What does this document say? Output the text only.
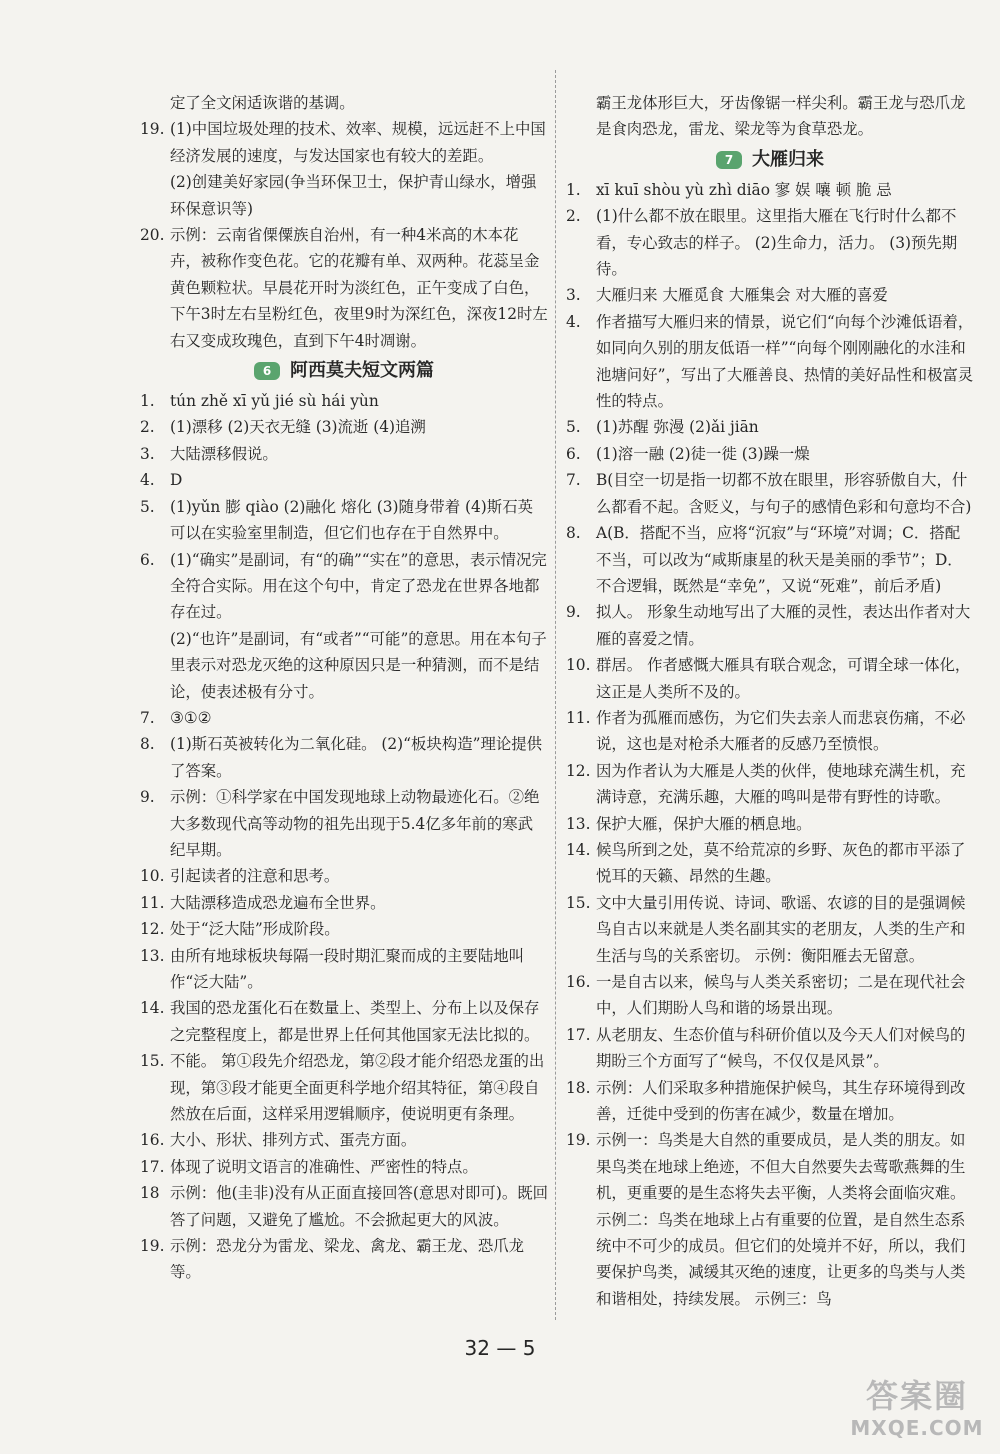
定了全文闲适诙谐的基调。
19. (1)中国垃圾处理的技术、效率、规模，远远赶不上中国经济发展的速度，与发达国家也有较大的差距。
(2)创建美好家园(争当环保卫士，保护青山绿水，增强环保意识等)
20. 示例：云南省傈僳族自治州，有一种4米高的木本花卉，被称作变色花。它的花瓣有单、双两种。花蕊呈金黄色颗粒状。早晨花开时为淡红色，正午变成了白色，下午3时左右呈粉红色，夜里9时为深红色，深夜12时左右又变成玫瑰色，直到下午4时凋谢。
6 阿西莫夫短文两篇
1. tún zhě xī yǔ jié sù hái yùn
2. (1)漂移 (2)天衣无缝 (3)流逝 (4)追溯
3. 大陆漂移假说。
4. D
5. (1)yǔn 膨 qiào (2)融化 熔化 (3)随身带着 (4)斯石英可以在实验室里制造，但它们也存在于自然界中。
6. (1)“确实”是副词，有“的确”“实在”的意思，表示情况完全符合实际。用在这个句中，肯定了恐龙在世界各地都存在过。
(2)“也许”是副词，有“或者”“可能”的意思。用在本句子里表示对恐龙灭绝的这种原因只是一种猜测，而不是结论，使表述极有分寸。
7. ③①②
8. (1)斯石英被转化为二氧化硅。 (2)“板块构造”理论提供了答案。
9. 示例：①科学家在中国发现地球上动物最迹化石。②绝大多数现代高等动物的祖先出现于5.4亿多年前的寒武纪早期。
10. 引起读者的注意和思考。
11. 大陆漂移造成恐龙遍布全世界。
12. 处于“泛大陆”形成阶段。
13. 由所有地球板块每隔一段时期汇聚而成的主要陆地叫作“泛大陆”。
14. 我国的恐龙蛋化石在数量上、类型上、分布上以及保存之完整程度上，都是世界上任何其他国家无法比拟的。
15. 不能。 第①段先介绍恐龙，第②段才能介绍恐龙蛋的出现，第③段才能更全面更科学地介绍其特征，第④段自然放在后面，这样采用逻辑顺序，使说明更有条理。
16. 大小、形状、排列方式、蛋壳方面。
17. 体现了说明文语言的准确性、严密性的特点。
18 示例：他(圭非)没有从正面直接回答(意思对即可)。既回答了问题，又避免了尴尬。不会掀起更大的风波。
19. 示例：恐龙分为雷龙、梁龙、禽龙、霸王龙、恐爪龙等。
霸王龙体形巨大，牙齿像锯一样尖利。霸王龙与恐爪龙是食肉恐龙，雷龙、梁龙等为食草恐龙。
7 大雁归来
1. xī kuī shòu yù zhì diāo 寥 娱 嚷 顿 脆 忌
2. (1)什么都不放在眼里。这里指大雁在飞行时什么都不看，专心致志的样子。 (2)生命力，活力。 (3)预先期待。
3. 大雁归来 大雁觅食 大雁集会 对大雁的喜爱
4. 作者描写大雁归来的情景，说它们“向每个沙滩低语着，如同向久别的朋友低语一样”“向每个刚刚融化的水洼和池塘问好”，写出了大雁善良、热情的美好品性和极富灵性的特点。
5. (1)苏醒 弥漫 (2)ǎi jiān
6. (1)溶一融 (2)徒一徙 (3)躁一燥
7. B(目空一切是指一切都不放在眼里，形容骄傲自大，什么都看不起。含贬义，与句子的感情色彩和句意均不合)
8. A(B．搭配不当，应将“沉寂”与“环境”对调；C．搭配不当，可以改为“咸斯康星的秋天是美丽的季节”；D．不合逻辑，既然是“幸免”，又说“死难”，前后矛盾)
9. 拟人。 形象生动地写出了大雁的灵性，表达出作者对大雁的喜爱之情。
10. 群居。 作者感慨大雁具有联合观念，可谓全球一体化，这正是人类所不及的。
11. 作者为孤雁而感伤，为它们失去亲人而悲哀伤痛，不必说，这也是对枪杀大雁者的反感乃至愤恨。
12. 因为作者认为大雁是人类的伙伴，使地球充满生机，充满诗意，充满乐趣，大雁的鸣叫是带有野性的诗歌。
13. 保护大雁，保护大雁的栖息地。
14. 候鸟所到之处，莫不给荒凉的乡野、灰色的都市平添了悦耳的天籁、昂然的生趣。
15. 文中大量引用传说、诗词、歌谣、农谚的目的是强调候鸟自古以来就是人类名副其实的老朋友，人类的生产和生活与鸟的关系密切。 示例：衡阳雁去无留意。
16. 一是自古以来，候鸟与人类关系密切；二是在现代社会中，人们期盼人鸟和谐的场景出现。
17. 从老朋友、生态价值与科研价值以及今天人们对候鸟的期盼三个方面写了“候鸟，不仅仅是风景”。
18. 示例：人们采取多种措施保护候鸟，其生存环境得到改善，迁徙中受到的伤害在减少，数量在增加。
19. 示例一：鸟类是大自然的重要成员，是人类的朋友。如果鸟类在地球上绝迹，不但大自然要失去莺歌燕舞的生机，更重要的是生态将失去平衡，人类将会面临灾难。 示例二：鸟类在地球上占有重要的位置，是自然生态系统中不可少的成员。但它们的处境并不好，所以，我们要保护鸟类，减缓其灭绝的速度，让更多的鸟类与人类和谐相处，持续发展。 示例三：鸟
32 — 5
答案圈
MXQE.COM
